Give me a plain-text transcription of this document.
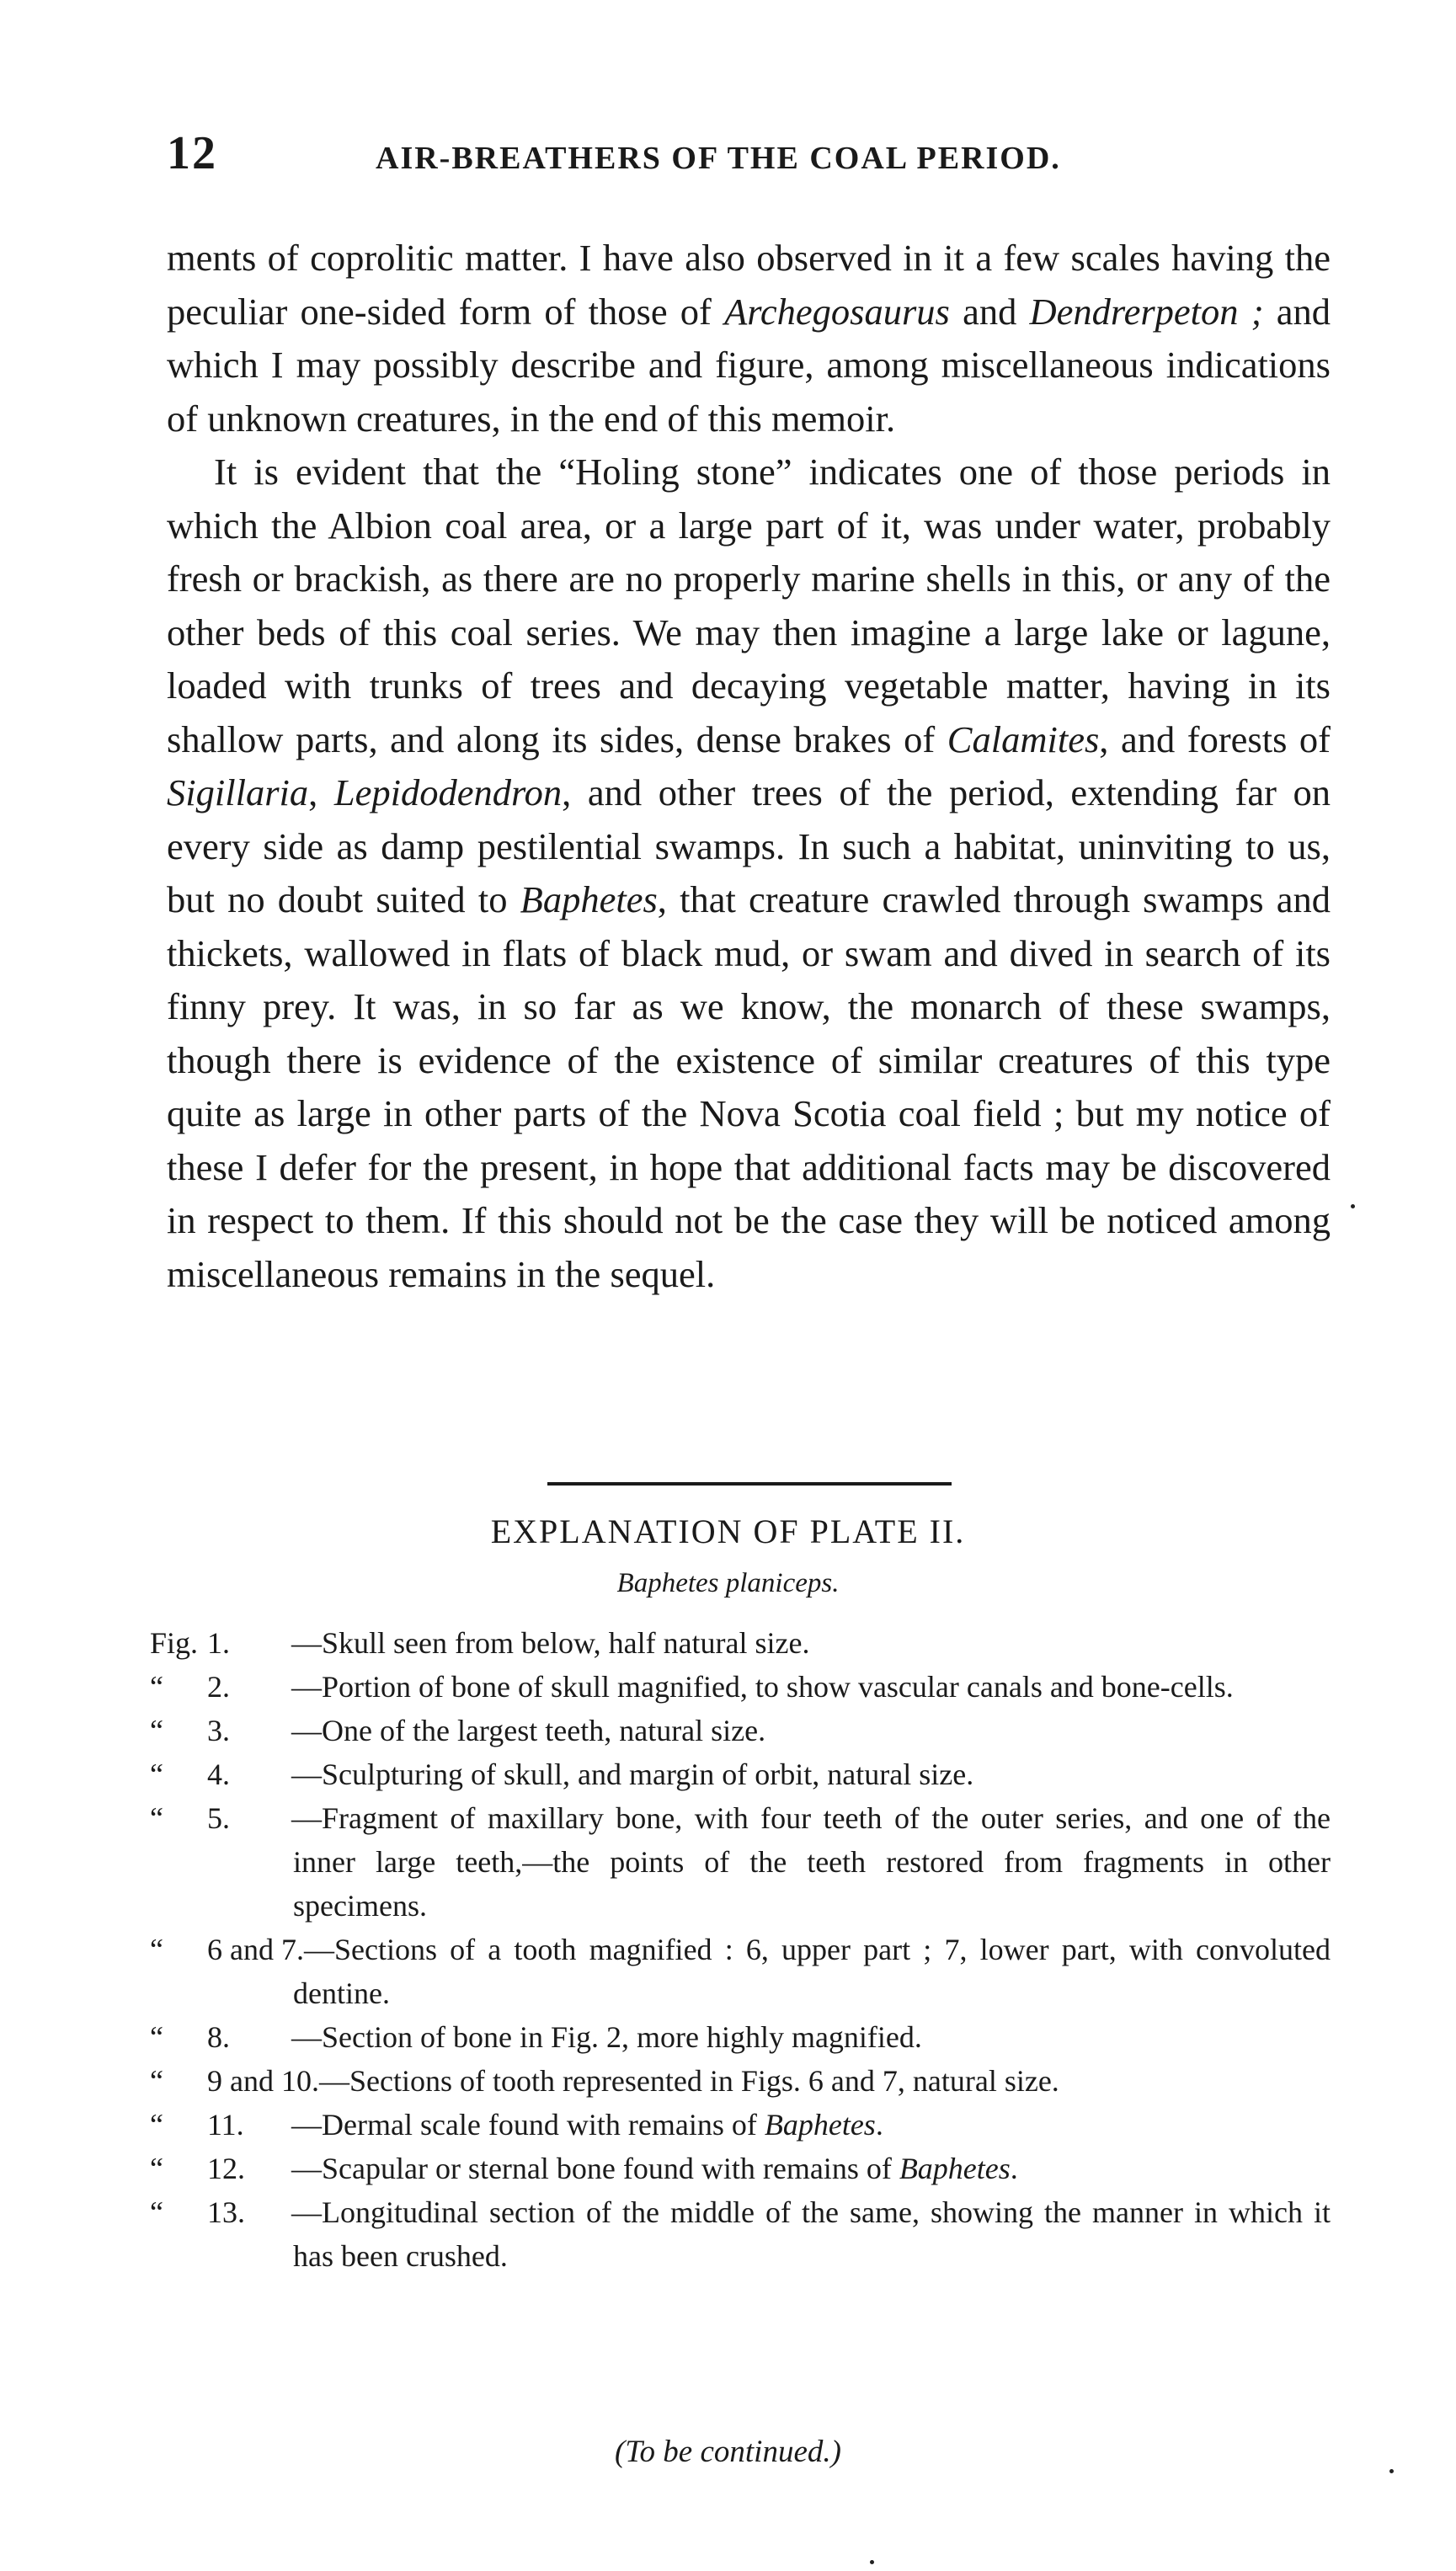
12	AIR-BREATHERS OF THE COAL PERIOD.

ments of coprolitic matter. I have also observed in it a few scales having the peculiar one-sided form of those of Archegosaurus and Dendrerpeton ; and which I may possibly describe and figure, among miscellaneous indications of unknown creatures, in the end of this memoir.

It is evident that the “Holing stone” indicates one of those periods in which the Albion coal area, or a large part of it, was under water, probably fresh or brackish, as there are no properly marine shells in this, or any of the other beds of this coal series. We may then imagine a large lake or lagune, loaded with trunks of trees and decaying vegetable matter, having in its shallow parts, and along its sides, dense brakes of Calamites, and forests of Sigillaria, Lepidodendron, and other trees of the period, extending far on every side as damp pestilential swamps. In such a habitat, uninviting to us, but no doubt suited to Baphetes, that creature crawled through swamps and thickets, wallowed in flats of black mud, or swam and dived in search of its finny prey. It was, in so far as we know, the monarch of these swamps, though there is evidence of the existence of similar creatures of this type quite as large in other parts of the Nova Scotia coal field ; but my notice of these I defer for the present, in hope that additional facts may be discovered in respect to them. If this should not be the case they will be noticed among miscellaneous remains in the sequel.

EXPLANATION OF PLATE II.
Baphetes planiceps.
Fig. 1. —Skull seen from below, half natural size.
“ 2. —Portion of bone of skull magnified, to show vascular canals and bone-cells.
“ 3. —One of the largest teeth, natural size.
“ 4. —Sculpturing of skull, and margin of orbit, natural size.
“ 5. —Fragment of maxillary bone, with four teeth of the outer series, and one of the inner large teeth,—the points of the teeth restored from fragments in other specimens.
“ 6 and 7.—Sections of a tooth magnified : 6, upper part ; 7, lower part, with convoluted dentine.
“ 8. —Section of bone in Fig. 2, more highly magnified.
“ 9 and 10.—Sections of tooth represented in Figs. 6 and 7, natural size.
“ 11. —Dermal scale found with remains of Baphetes.
“ 12. —Scapular or sternal bone found with remains of Baphetes.
“ 13. —Longitudinal section of the middle of the same, showing the manner in which it has been crushed.
(To be continued.)
